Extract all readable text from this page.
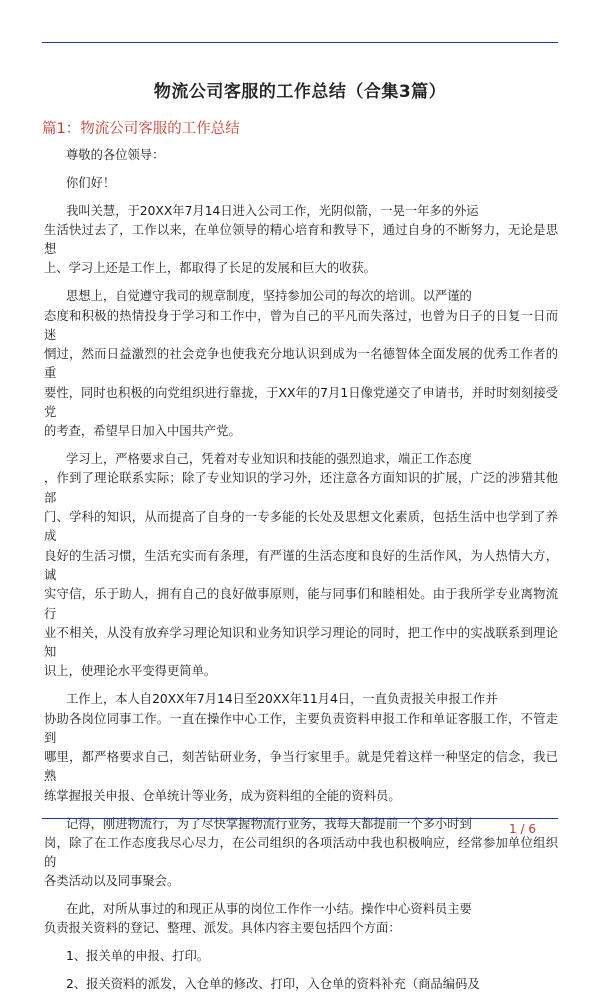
物流公司客服的工作总结（合集3篇）
篇1：物流公司客服的工作总结

尊敬的各位领导：

你们好！

我叫关慧，于20XX年7月14日进入公司工作，光阴似箭，一晃一年多的外运
生活快过去了，工作以来，在单位领导的精心培育和教导下，通过自身的不断努力，无论是思想
上、学习上还是工作上，都取得了长足的发展和巨大的收获。

思想上，自觉遵守我司的规章制度，坚持参加公司的每次的培训。以严谨的
态度和积极的热情投身于学习和工作中，曾为自己的平凡而失落过，也曾为日子的日复一日而迷
惘过，然而日益激烈的社会竞争也使我充分地认识到成为一名德智体全面发展的优秀工作者的重
要性，同时也积极的向党组织进行靠拢，于XX年的7月1日像党递交了申请书，并时时刻刻接受党
的考查，希望早日加入中国共产党。

学习上，严格要求自己，凭着对专业知识和技能的强烈追求，端正工作态度
，作到了理论联系实际；除了专业知识的学习外，还注意各方面知识的扩展，广泛的涉猎其他部
门、学科的知识，从而提高了自身的一专多能的长处及思想文化素质，包括生活中也学到了养成
良好的生活习惯，生活充实而有条理，有严谨的生活态度和良好的生活作风，为人热情大方，诚
实守信，乐于助人，拥有自己的良好做事原则，能与同事们和睦相处。由于我所学专业离物流行
业不相关，从没有放弃学习理论知识和业务知识学习理论的同时，把工作中的实战联系到理论知
识上，使理论水平变得更简单。

工作上，本人自20XX年7月14日至20XX年11月4日，一直负责报关申报工作并
协助各岗位同事工作。一直在操作中心工作，主要负责资料申报工作和单证客服工作，不管走到
哪里，都严格要求自己，刻苦钻研业务，争当行家里手。就是凭着这样一种坚定的信念，我已熟
练掌握报关申报、仓单统计等业务，成为资料组的全能的资料员。

记得，刚进物流行，为了尽快掌握物流行业务，我每天都提前一个多小时到
岗，除了在工作态度我尽心尽力，在公司组织的各项活动中我也积极响应，经常参加单位组织的
各类活动以及同事聚会。

在此，对所从事过的和现正从事的岗位工作作一小结。操作中心资料员主要
负责报关资料的登记、整理、派发。具体内容主要包括四个方面：

1、报关单的申报、打印。

2、报关资料的派发，入仓单的修改、打印，入仓单的资料补充（商品编码及

1 / 6
